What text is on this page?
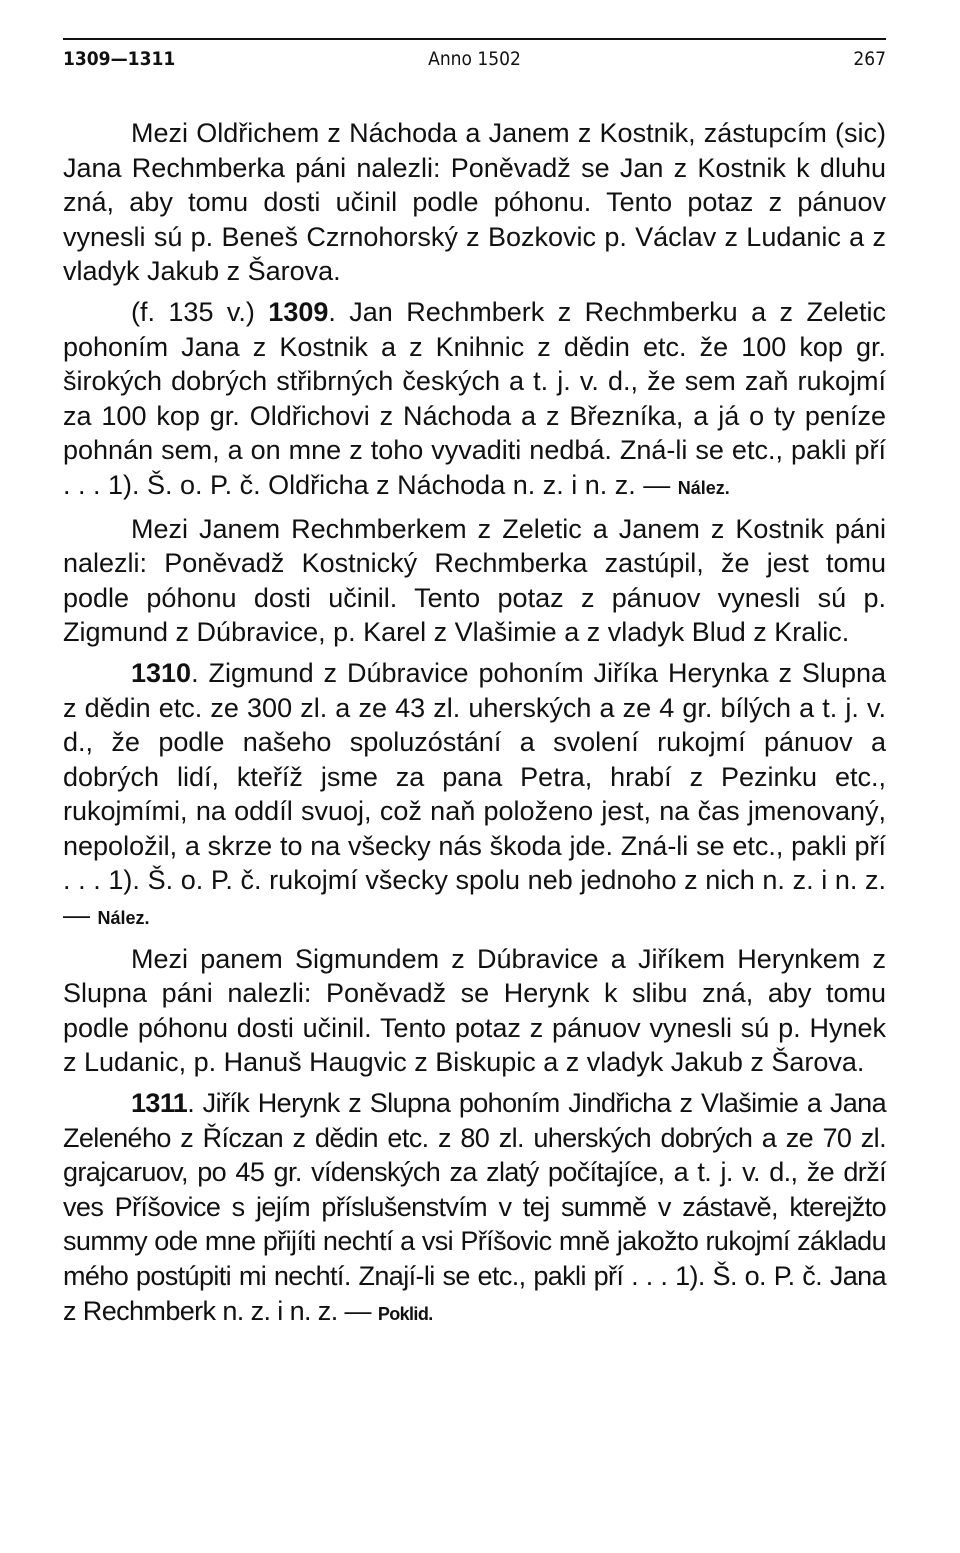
1309—1311	Anno 1502	267

Mezi Oldřichem z Náchoda a Janem z Kostnik, zástupcím (sic) Jana Rechmberka páni nalezli: Poněvadž se Jan z Kostnik k dluhu zná, aby tomu dosti učinil podle póhonu. Tento potaz z pánuov vynesli sú p. Beneš Czrnohorský z Bozkovic p. Václav z Ludanic a z vladyk Jakub z Šarova.

(f. 135 v.) 1309. Jan Rechmberk z Rechmberku a z Zeletic pohoním Jana z Kostnik a z Knihnic z dědin etc. že 100 kop gr. širokých dobrých střibrných českých a t. j. v. d., že sem zaň rukojmí za 100 kop gr. Oldřichovi z Náchoda a z Březníka, a já o ty peníze pohnán sem, a on mne z toho vyvaditi nedbá. Zná-li se etc., pakli pří . . . 1). Š. o. P. č. Oldřicha z Náchoda n. z. i n. z. — Nález.

Mezi Janem Rechmberkem z Zeletic a Janem z Kostnik páni nalezli: Poněvadž Kostnický Rechmberka zastúpil, že jest tomu podle póhonu dosti učinil. Tento potaz z pánuov vynesli sú p. Zigmund z Dúbravice, p. Karel z Vlašimie a z vladyk Blud z Kralic.

1310. Zigmund z Dúbravice pohoním Jiříka Herynka z Slupna z dědin etc. ze 300 zl. a ze 43 zl. uherských a ze 4 gr. bílých a t. j. v. d., že podle našeho spoluzóstání a svolení rukojmí pánuov a dobrých lidí, kteříž jsme za pana Petra, hrabí z Pezinku etc., rukojmími, na oddíl svuoj, což naň položeno jest, na čas jmenovaný, nepoložil, a skrze to na všecky nás škoda jde. Zná-li se etc., pakli pří . . . 1). Š. o. P. č. rukojmí všecky spolu neb jednoho z nich n. z. i n. z. — Nález.

Mezi panem Sigmundem z Dúbravice a Jiříkem Herynkem z Slupna páni nalezli: Poněvadž se Herynk k slibu zná, aby tomu podle póhonu dosti učinil. Tento potaz z pánuov vynesli sú p. Hynek z Ludanic, p. Hanuš Haugvic z Biskupic a z vladyk Jakub z Šarova.

1311. Jiřík Herynk z Slupna pohoním Jindřicha z Vlašimie a Jana Zeleného z Říczan z dědin etc. z 80 zl. uherských dobrých a ze 70 zl. grajcaruov, po 45 gr. vídenských za zlatý počítajíce, a t. j. v. d., že drží ves Příšovice s jejím příslušenstvím v tej summě v zástavě, kterejžto summy ode mne přijíti nechtí a vsi Příšovic mně jakožto rukojmí základu mého postúpiti mi nechtí. Znají-li se etc., pakli pří . . . 1). Š. o. P. č. Jana z Rechmberk n. z. i n. z. — Poklid.
